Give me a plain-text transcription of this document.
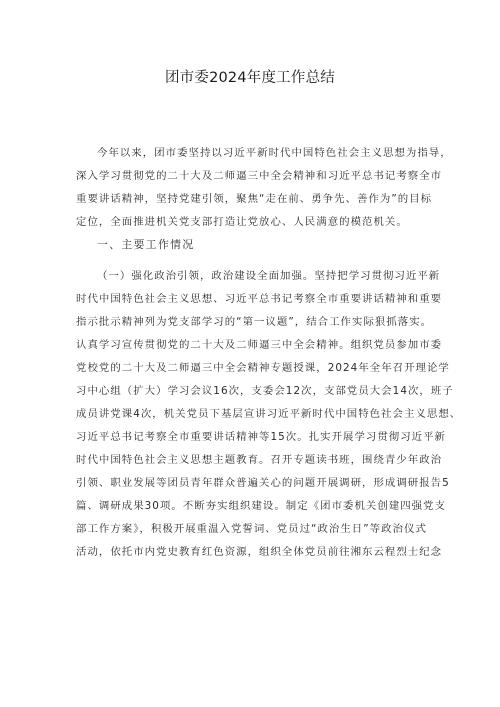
团市委2024年度工作总结
今年以来，团市委坚持以习近平新时代中国特色社会主义思想为指导，
深入学习贯彻党的二十大及二师逼三中全会精神和习近平总书记考察全市
重要讲话精神，坚持党建引领，聚焦“走在前、勇争先、善作为”的目标
定位，全面推进机关党支部打造让党放心、人民满意的模范机关。
一、主要工作情况
（一）强化政治引领，政治建设全面加强。坚持把学习贯彻习近平新
时代中国特色社会主义思想、习近平总书记考察全市重要讲话精神和重要
指示批示精神列为党支部学习的“第一议题”，结合工作实际狠抓落实。
认真学习宣传贯彻党的二十大及二师逼三中全会精神。组织党员参加市委
党校党的二十大及二师逼三中全会精神专题授课，2024年全年召开理论学
习中心组（扩大）学习会议16次，支委会12次，支部党员大会14次，班子
成员讲党课4次，机关党员下基层宣讲习近平新时代中国特色社会主义思想、
习近平总书记考察全市重要讲话精神等15次。扎实开展学习贯彻习近平新
时代中国特色社会主义思想主题教育。召开专题读书班，围绕青少年政治
引领、职业发展等团员青年群众普遍关心的问题开展调研，形成调研报告5
篇、调研成果30项。不断夯实组织建设。制定《团市委机关创建四强党支
部工作方案》，积极开展重温入党誓词、党员过“政治生日”等政治仪式
活动，依托市内党史教育红色资源，组织全体党员前往湘东云程烈士纪念
